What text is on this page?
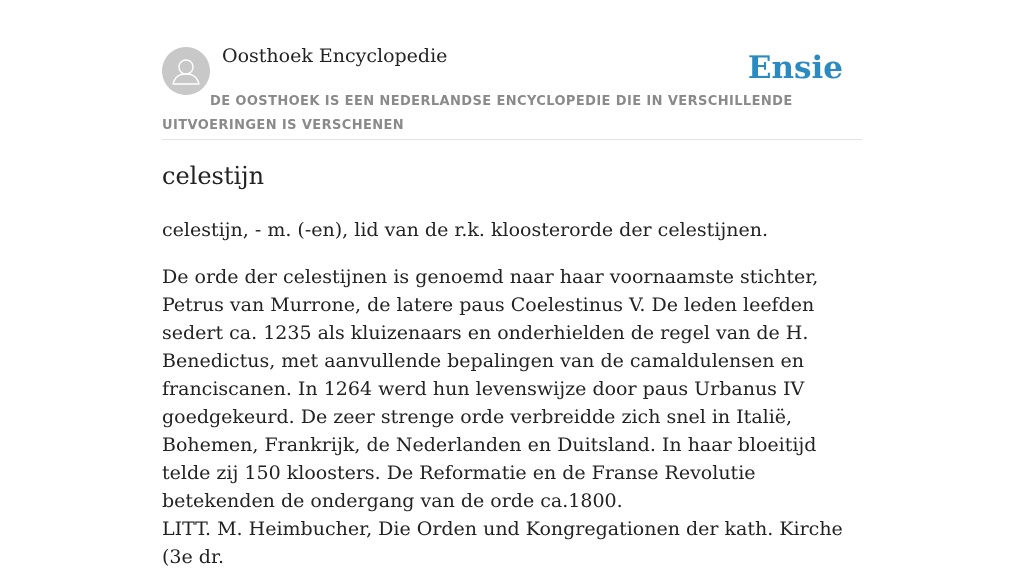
Oosthoek Encyclopedie	Ensie
DE OOSTHOEK IS EEN NEDERLANDSE ENCYCLOPEDIE DIE IN VERSCHILLENDE UITVOERINGEN IS VERSCHENEN
celestijn

celestijn, - m. (-en), lid van de r.k. kloosterorde der celestijnen.

De orde der celestijnen is genoemd naar haar voornaamste stichter, Petrus van Murrone, de latere paus Coelestinus V. De leden leefden sedert ca. 1235 als kluizenaars en onderhielden de regel van de H. Benedictus, met aanvullende bepalingen van de camaldulensen en franciscanen. In 1264 werd hun levenswijze door paus Urbanus IV goedgekeurd. De zeer strenge orde verbreidde zich snel in Italië, Bohemen, Frankrijk, de Nederlanden en Duitsland. In haar bloeitijd telde zij 150 kloosters. De Reformatie en de Franse Revolutie betekenden de ondergang van de orde ca.1800.
LITT. M. Heimbucher, Die Orden und Kongregationen der kath. Kirche (3e dr.
